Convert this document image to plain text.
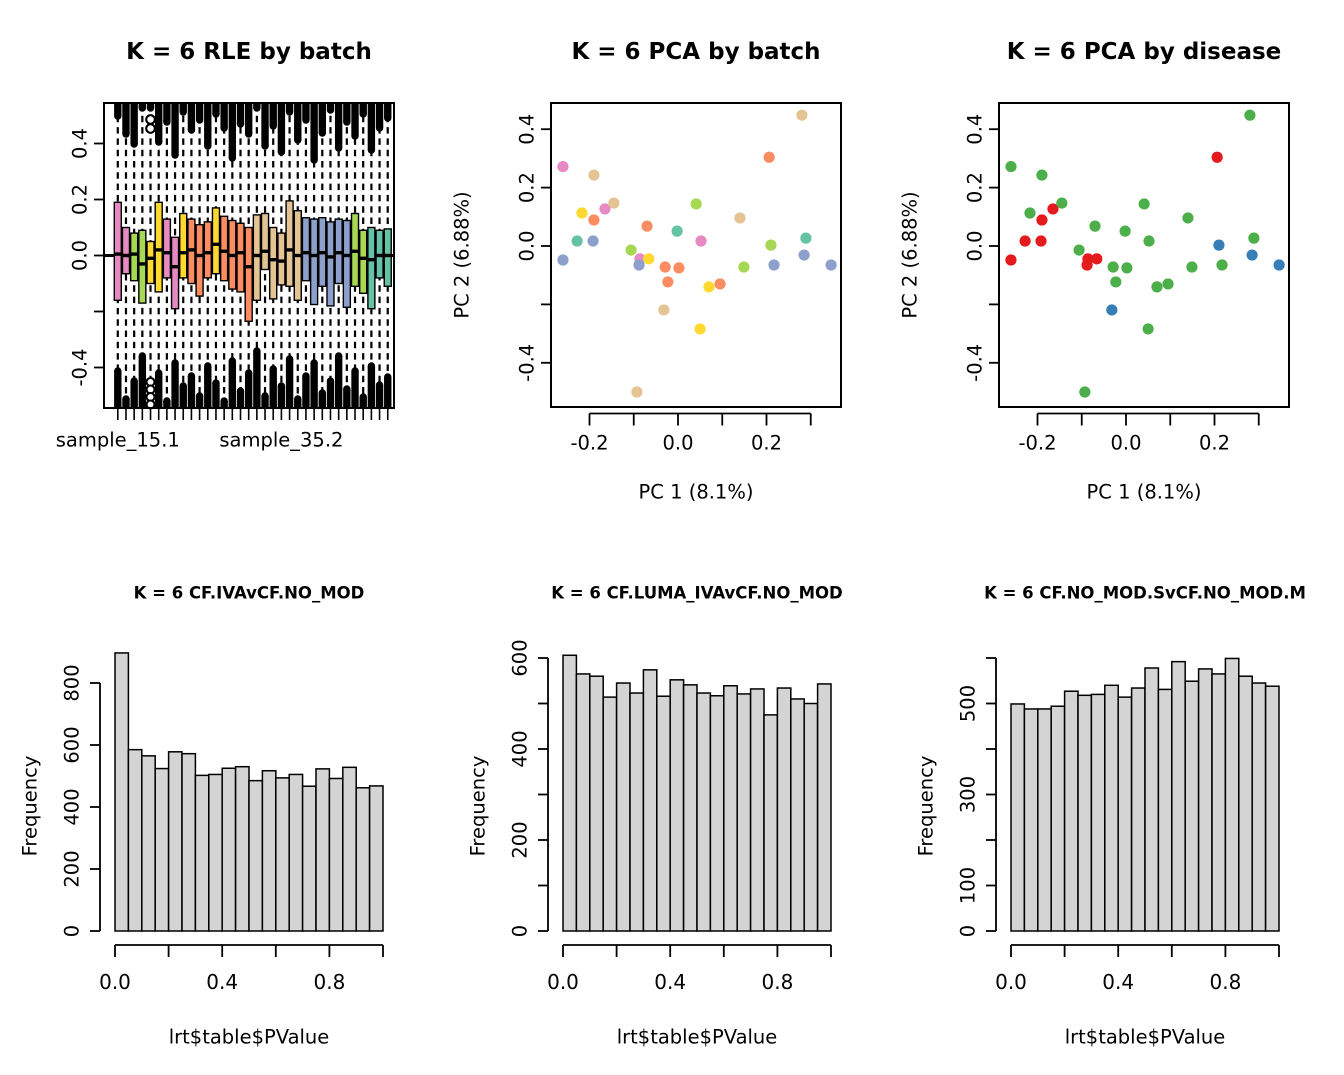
-0.4
0.0
0.2
0.4
sample_15.1 sample_35.2
K = 6 RLE by batch
-0.4
0.0
0.2
0.4
-0.2	0.0	0.2
PC 2 (6.88%)
PC 1 (8.1%)
K = 6 PCA by batch
-0.4
0.0
0.2
0.4
-0.2	0.0	0.2
PC 2 (6.88%)
PC 1 (8.1%)
K = 6 PCA by disease
0
200
400
600
800
0.0	0.4	0.8
Frequency
lrt$table$PValue
K = 6 CF.IVAvCF.NO_MOD
0
200
400
600
0.0	0.4	0.8
Frequency
lrt$table$PValue
K = 6 CF.LUMA_IVAvCF.NO_MOD
0
100
300
500
0.0	0.4	0.8
Frequency
lrt$table$PValue
K = 6 CF.NO_MOD.SvCF.NO_MOD.M
